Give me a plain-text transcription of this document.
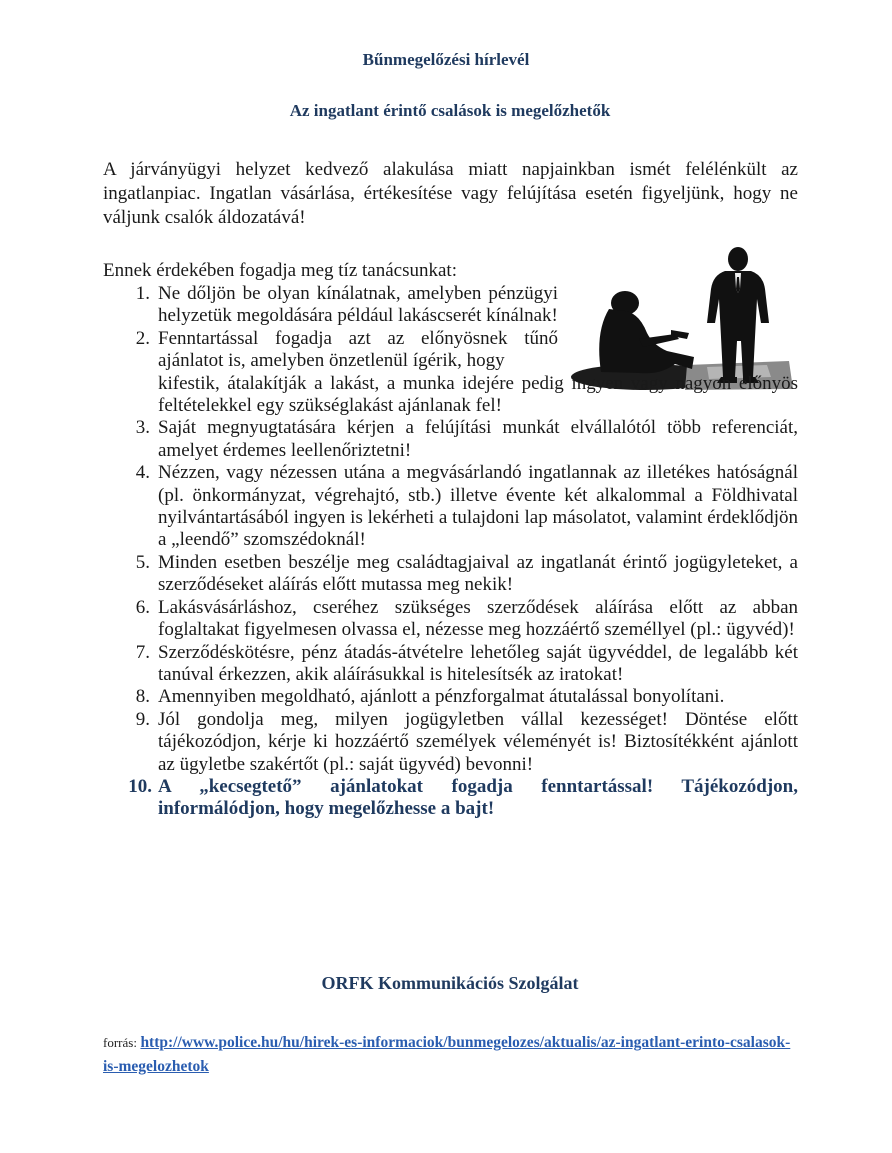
Bűnmegelőzési hírlevél
Az ingatlant érintő csalások is megelőzhetők
A járványügyi helyzet kedvező alakulása miatt napjainkban ismét felélénkült az ingatlanpiac. Ingatlan vásárlása, értékesítése vagy felújítása esetén figyeljünk, hogy ne váljunk csalók áldozatává!
Ennek érdekében fogadja meg tíz tanácsunkat:
1. Ne dőljön be olyan kínálatnak, amelyben pénzügyi helyzetük megoldására például lakáscserét kínálnak!
2. Fenntartással fogadja azt az előnyösnek tűnő ajánlatot is, amelyben önzetlenül ígérik, hogy
kifestik, átalakítják a lakást, a munka idejére pedig ingyen vagy nagyon előnyös feltételekkel egy szükséglakást ajánlanak fel!
3. Saját megnyugtatására kérjen a felújítási munkát elvállalótól több referenciát, amelyet érdemes leellenőriztetni!
4. Nézzen, vagy nézessen utána a megvásárlandó ingatlannak az illetékes hatóságnál (pl. önkormányzat, végrehajtó, stb.) illetve évente két alkalommal a Földhivatal nyilvántartásából ingyen is lekérheti a tulajdoni lap másolatot, valamint érdeklődjön a „leendő” szomszédoknál!
5. Minden esetben beszélje meg családtagjaival az ingatlanát érintő jogügyleteket, a szerződéseket aláírás előtt mutassa meg nekik!
6. Lakásvásárláshoz, cseréhez szükséges szerződések aláírása előtt az abban foglaltakat figyelmesen olvassa el, nézesse meg hozzáértő személlyel (pl.: ügyvéd)!
7. Szerződéskötésre, pénz átadás-átvételre lehetőleg saját ügyvéddel, de legalább két tanúval érkezzen, akik aláírásukkal is hitelesítsék az iratokat!
8. Amennyiben megoldható, ajánlott a pénzforgalmat átutalással bonyolítani.
9. Jól gondolja meg, milyen jogügyletben vállal kezességet! Döntése előtt tájékozódjon, kérje ki hozzáértő személyek véleményét is! Biztosítékként ajánlott az ügyletbe szakértőt (pl.: saját ügyvéd) bevonni!
10. A „kecsegtető” ajánlatokat fogadja fenntartással! Tájékozódjon, informálódjon, hogy megelőzhesse a bajt!
ORFK Kommunikációs Szolgálat
forrás: http://www.police.hu/hu/hirek-es-informaciok/bunmegelozes/aktualis/az-ingatlant-erinto-csalasok-is-megelozhetok
